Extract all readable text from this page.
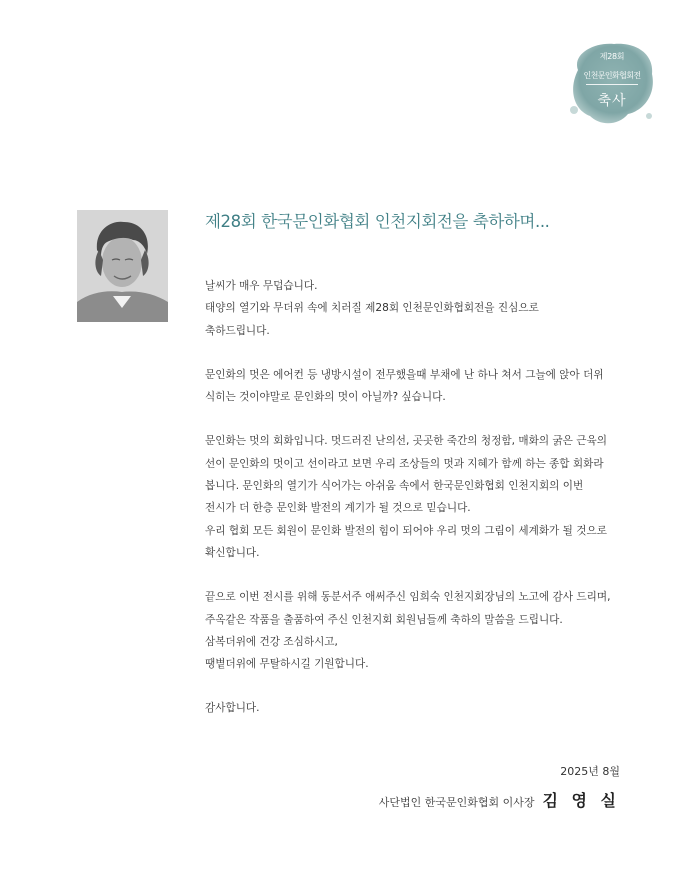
제28회
인천문인화협회전
축사
제28회 한국문인화협회 인천지회전을 축하하며...

날씨가 매우 무덥습니다.
태양의 열기와 무더위 속에 치러질 제28회 인천문인화협회전을 진심으로
축하드립니다.

문인화의 멋은 에어컨 등 냉방시설이 전무했을때 부채에 난 하나 쳐서 그늘에 앉아 더위
식히는 것이야말로 문인화의 멋이 아닐까? 싶습니다.

문인화는 멋의 회화입니다. 멋드러진 난의선, 곳곳한 죽간의 청정함, 매화의 굵은 근육의
선이 문인화의 멋이고 선이라고 보면 우리 조상들의 멋과 지혜가 함께 하는 종합 회화라
봅니다. 문인화의 열기가 식어가는 아쉬움 속에서 한국문인화협회 인천지회의 이번
전시가 더 한층 문인화 발전의 계기가 될 것으로 믿습니다.
우리 협회 모든 회원이 문인화 발전의 힘이 되어야 우리 멋의 그림이 세계화가 될 것으로
확신합니다.

끝으로 이번 전시를 위해 동분서주 애써주신 임희숙 인천지회장님의 노고에 감사 드리며,
주옥같은 작품을 출품하여 주신 인천지회 회원님들께 축하의 말씀을 드립니다.
삼복더위에 건강 조심하시고,
땡볕더위에 무탈하시길 기원합니다.

감사합니다.

2025년 8월
사단법인 한국문인화협회 이사장 김 영 실
